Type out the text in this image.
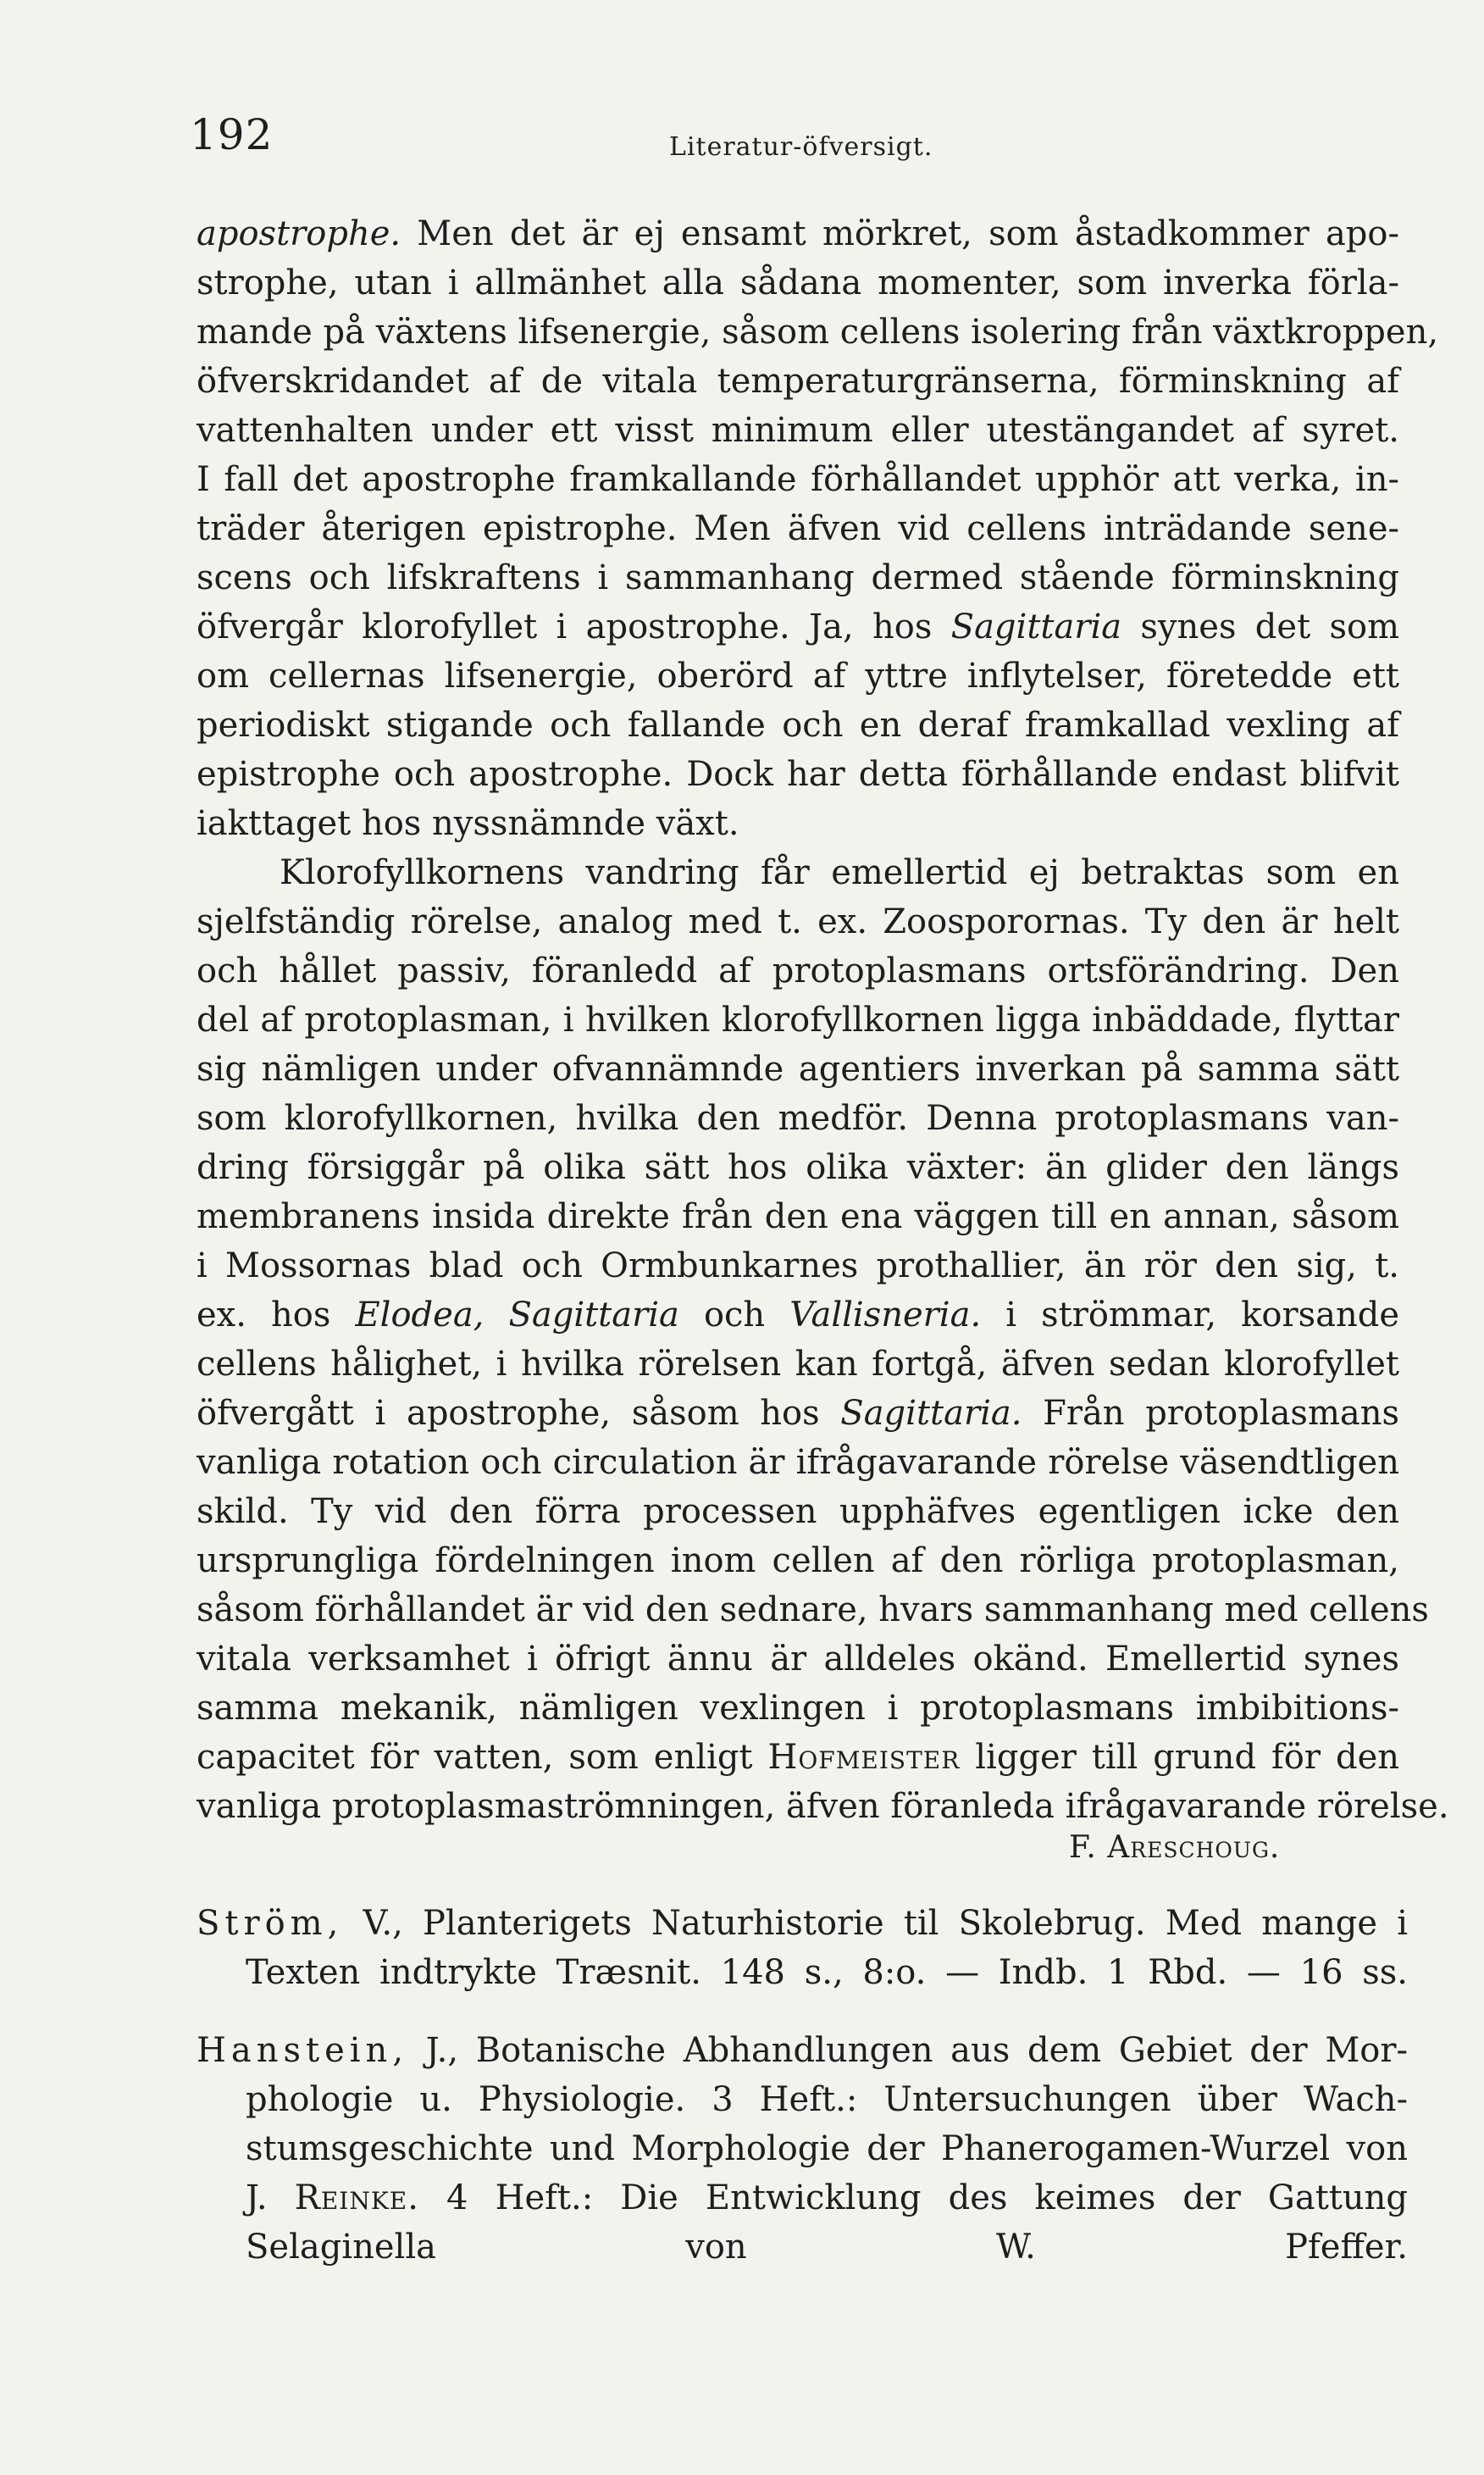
192	Literatur-öfversigt.
apostrophe. Men det är ej ensamt mörkret, som åstadkommer apo-
strophe, utan i allmänhet alla sådana momenter, som inverka förla-
mande på växtens lifsenergie, såsom cellens isolering från växtkroppen,
öfverskridandet af de vitala temperaturgränserna, förminskning af
vattenhalten under ett visst minimum eller utestängandet af syret.
I fall det apostrophe framkallande förhållandet upphör att verka, in-
träder återigen epistrophe. Men äfven vid cellens inträdande sene-
scens och lifskraftens i sammanhang dermed stående förminskning
öfvergår klorofyllet i apostrophe. Ja, hos Sagittaria synes det som
om cellernas lifsenergie, oberörd af yttre inflytelser, företedde ett
periodiskt stigande och fallande och en deraf framkallad vexling af
epistrophe och apostrophe. Dock har detta förhållande endast blifvit
iakttaget hos nyssnämnde växt.
Klorofyllkornens vandring får emellertid ej betraktas som en
sjelfständig rörelse, analog med t. ex. Zoosporornas. Ty den är helt
och hållet passiv, föranledd af protoplasmans ortsförändring. Den
del af protoplasman, i hvilken klorofyllkornen ligga inbäddade, flyttar
sig nämligen under ofvannämnde agentiers inverkan på samma sätt
som klorofyllkornen, hvilka den medför. Denna protoplasmans van-
dring försiggår på olika sätt hos olika växter: än glider den längs
membranens insida direkte från den ena väggen till en annan, såsom
i Mossornas blad och Ormbunkarnes prothallier, än rör den sig, t.
ex. hos Elodea, Sagittaria och Vallisneria. i strömmar, korsande
cellens hålighet, i hvilka rörelsen kan fortgå, äfven sedan klorofyllet
öfvergått i apostrophe, såsom hos Sagittaria. Från protoplasmans
vanliga rotation och circulation är ifrågavarande rörelse väsendtligen
skild. Ty vid den förra processen upphäfves egentligen icke den
ursprungliga fördelningen inom cellen af den rörliga protoplasman,
såsom förhållandet är vid den sednare, hvars sammanhang med cellens
vitala verksamhet i öfrigt ännu är alldeles okänd. Emellertid synes
samma mekanik, nämligen vexlingen i protoplasmans imbibitions-
capacitet för vatten, som enligt Hofmeister ligger till grund för den
vanliga protoplasmaströmningen, äfven föranleda ifrågavarande rörelse.
F. Areschoug.
Ström, V., Planterigets Naturhistorie til Skolebrug. Med mange i
Texten indtrykte Træsnit. 148 s., 8:o. — Indb. 1 Rbd. — 16 ss.
Hanstein, J., Botanische Abhandlungen aus dem Gebiet der Mor-
phologie u. Physiologie. 3 Heft.: Untersuchungen über Wach-
stumsgeschichte und Morphologie der Phanerogamen-Wurzel von
J. Reinke. 4 Heft.: Die Entwicklung des keimes der Gattung
Selaginella von W. Pfeffer.
